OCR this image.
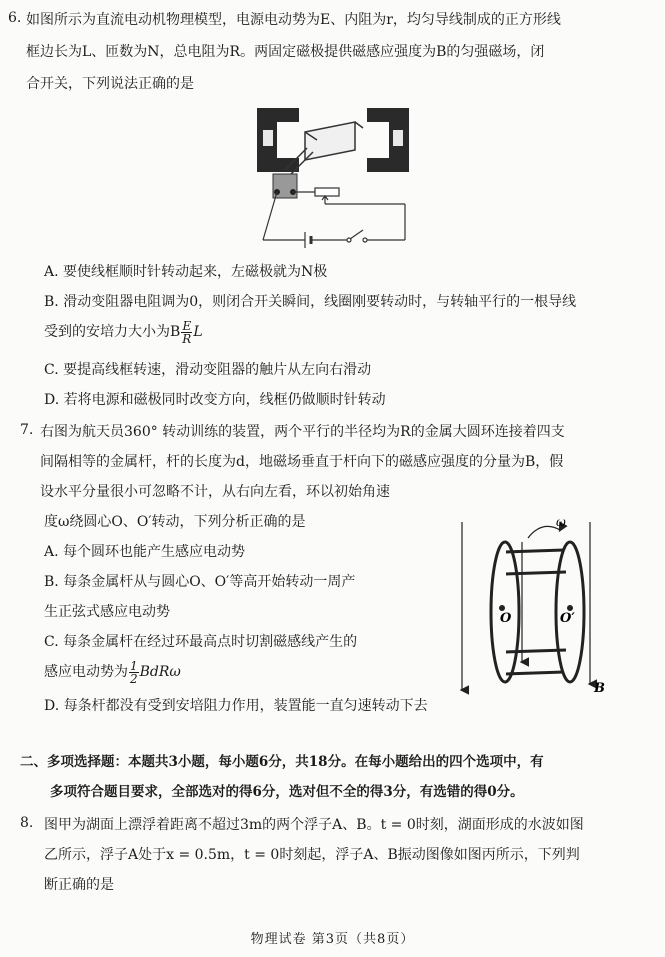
6. 如图所示为直流电动机物理模型，电源电动势为E、内阻为r，均匀导线制成的正方形线
框边长为L、匝数为N，总电阻为R。两固定磁极提供磁感应强度为B的匀强磁场，闭
合开关，下列说法正确的是
A. 要使线框顺时针转动起来，左磁极就为N极
B. 滑动变阻器电阻调为0，则闭合开关瞬间，线圈刚要转动时，与转轴平行的一根导线
受到的安培力大小为B $\frac{E}{R}$ L
C. 要提高线框转速，滑动变阻器的触片从左向右滑动
D. 若将电源和磁极同时改变方向，线框仍做顺时针转动
7. 右图为航天员360° 转动训练的装置，两个平行的半径均为R的金属大圆环连接着四支
间隔相等的金属杆，杆的长度为d，地磁场垂直于杆向下的磁感应强度的分量为B，假
设水平分量很小可忽略不计，从右向左看，环以初始角速
度ω绕圆心O、O′转动，下列分析正确的是
A. 每个圆环也能产生感应电动势
B. 每条金属杆从与圆心O、O′等高开始转动一周产
生正弦式感应电动势
C. 每条金属杆在经过环最高点时切割磁感线产生的
感应电动势为 $\frac{1}{2}$ BdRω
D. 每条杆都没有受到安培阻力作用，装置能一直匀速转动下去
ω
O	O′
B
二、多项选择题：本题共3小题，每小题6分，共18分。在每小题给出的四个选项中，有
多项符合题目要求，全部选对的得6分，选对但不全的得3分，有选错的得0分。
8. 图甲为湖面上漂浮着距离不超过3m的两个浮子A、B。t = 0时刻，湖面形成的水波如图
乙所示，浮子A处于x = 0.5m，t = 0时刻起，浮子A、B振动图像如图丙所示，下列判
断正确的是
物理试卷 第3页（共8页）
